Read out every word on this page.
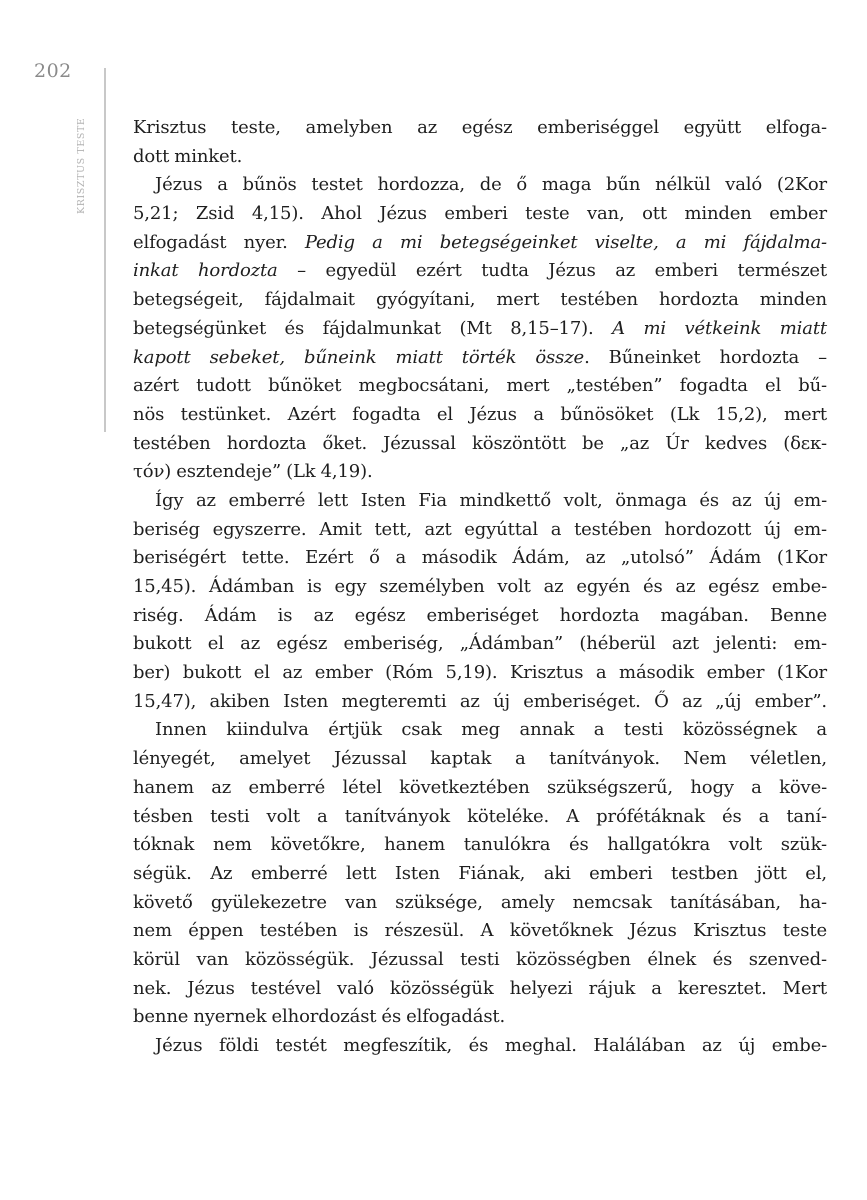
202
KRISZTUS TESTE	Krisztus teste, amelyben az egész emberiséggel együtt elfoga-
dott minket.
Jézus a bűnös testet hordozza, de ő maga bűn nélkül való (2Kor
5,21; Zsid 4,15). Ahol Jézus emberi teste van, ott minden ember
elfogadást nyer. Pedig a mi betegségeinket viselte, a mi fájdalma-
inkat hordozta – egyedül ezért tudta Jézus az emberi természet
betegségeit, fájdalmait gyógyítani, mert testében hordozta minden
betegségünket és fájdalmunkat (Mt 8,15–17). A mi vétkeink miatt
kapott sebeket, bűneink miatt törték össze. Bűneinket hordozta –
azért tudott bűnöket megbocsátani, mert „testében” fogadta el bű-
nös testünket. Azért fogadta el Jézus a bűnösöket (Lk 15,2), mert
testében hordozta őket. Jézussal köszöntött be „az Úr kedves (δεκ-
τόν) esztendeje” (Lk 4,19).
Így az emberré lett Isten Fia mindkettő volt, önmaga és az új em-
beriség egyszerre. Amit tett, azt egyúttal a testében hordozott új em-
beriségért tette. Ezért ő a második Ádám, az „utolsó” Ádám (1Kor
15,45). Ádámban is egy személyben volt az egyén és az egész embe-
riség. Ádám is az egész emberiséget hordozta magában. Benne
bukott el az egész emberiség, „Ádámban” (héberül azt jelenti: em-
ber) bukott el az ember (Róm 5,19). Krisztus a második ember (1Kor
15,47), akiben Isten megteremti az új emberiséget. Ő az „új ember”.
Innen kiindulva értjük csak meg annak a testi közösségnek a
lényegét, amelyet Jézussal kaptak a tanítványok. Nem véletlen,
hanem az emberré létel következtében szükségszerű, hogy a köve-
tésben testi volt a tanítványok köteléke. A prófétáknak és a taní-
tóknak nem követőkre, hanem tanulókra és hallgatókra volt szük-
ségük. Az emberré lett Isten Fiának, aki emberi testben jött el,
követő gyülekezetre van szüksége, amely nemcsak tanításában, ha-
nem éppen testében is részesül. A követőknek Jézus Krisztus teste
körül van közösségük. Jézussal testi közösségben élnek és szenved-
nek. Jézus testével való közösségük helyezi rájuk a keresztet. Mert
benne nyernek elhordozást és elfogadást.
Jézus földi testét megfeszítik, és meghal. Halálában az új embe-
